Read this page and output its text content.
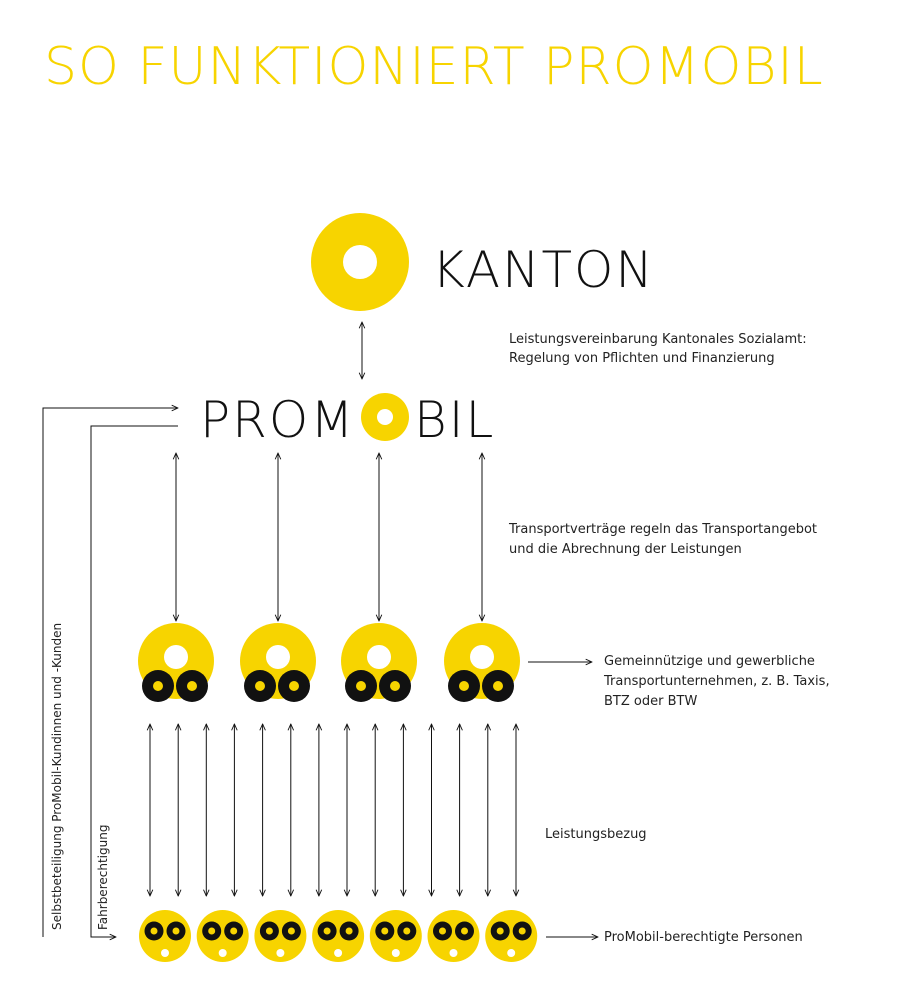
SO FUNKTIONIERT PROMOBIL
KANTON
Leistungsvereinbarung Kantonales Sozialamt:
Regelung von Pflichten und Finanzierung
PROM BIL
Selbstbeteiligung ProMobil-Kundinnen und -Kunden	Fahrberechtigung
Transportverträge regeln das Transportangebot
und die Abrechnung der Leistungen
Gemeinnützige und gewerbliche
Transportunternehmen, z. B. Taxis,
BTZ oder BTW
Leistungsbezug
ProMobil-berechtigte Personen
